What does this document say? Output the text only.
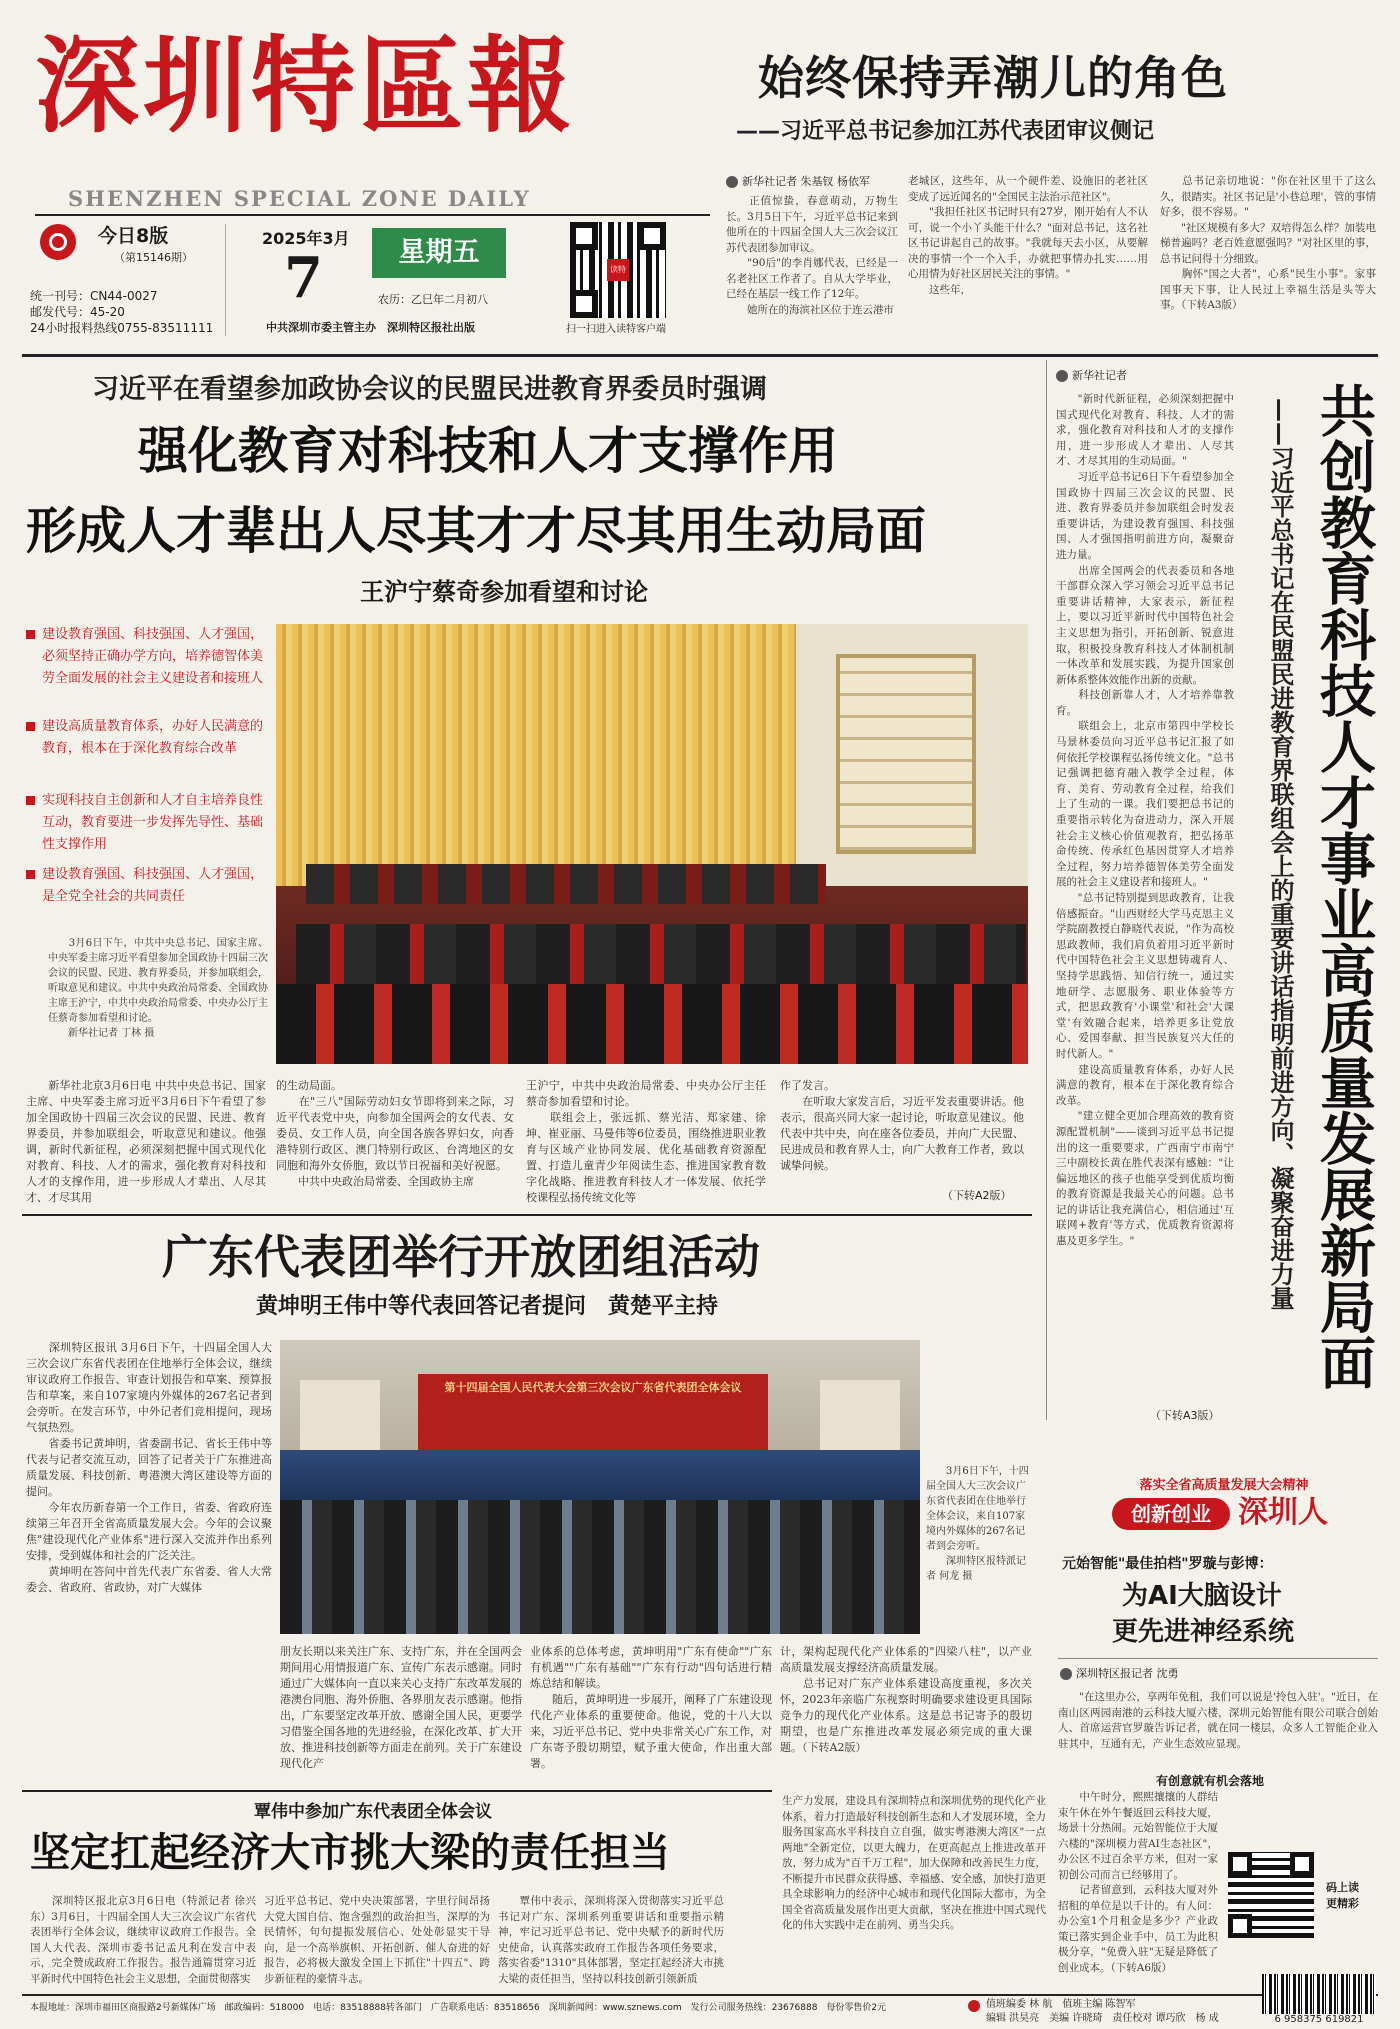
深圳特區報
SHENZHEN SPECIAL ZONE DAILY
今日8版
（第15146期）
统一刊号：CN44-0027
邮发代号：45-20
24小时报料热线0755-83511111
2025年3月
7	星期五
农历：乙巳年二月初八
中共深圳市委主管主办　深圳特区报社出版
读特
扫一扫进入读特客户端
始终保持弄潮儿的角色
——习近平总书记参加江苏代表团审议侧记
新华社记者 朱基钗 杨依军
　　正值惊蛰，春意萌动，万物生长。3月5日下午，习近平总书记来到他所在的十四届全国人大三次会议江苏代表团参加审议。
　　"90后"的李肖娜代表，已经是一名老社区工作者了。自从大学毕业，已经在基层一线工作了12年。
　　她所在的海滨社区位于连云港市
老城区，这些年，从一个硬件差、设施旧的老社区变成了远近闻名的"全国民主法治示范社区"。
　　"我担任社区书记时只有27岁，刚开始有人不认可，说一个小丫头能干什么？"面对总书记，这名社区书记讲起自己的故事。"我就每天去小区，从要解决的事情一个一个入手，办就把事情办扎实……用心用情为好社区居民关注的事情。"
　　这些年，
　　总书记亲切地说："你在社区里干了这么久，很踏实。社区书记是'小巷总理'，管的事情好多，很不容易。"
　　"社区规模有多大？双培得怎么样？加装电梯普遍吗？老百姓意愿强吗？"对社区里的事，总书记问得十分细致。
　　胸怀"国之大者"，心系"民生小事"。家事国事天下事，让人民过上幸福生活是头等大事。（下转A3版）
习近平在看望参加政协会议的民盟民进教育界委员时强调
强化教育对科技和人才支撑作用
形成人才辈出人尽其才才尽其用生动局面
王沪宁蔡奇参加看望和讨论
建设教育强国、科技强国、人才强国，必须坚持正确办学方向，培养德智体美劳全面发展的社会主义建设者和接班人
建设高质量教育体系，办好人民满意的教育，根本在于深化教育综合改革
实现科技自主创新和人才自主培养良性互动，教育要进一步发挥先导性、基础性支撑作用
建设教育强国、科技强国、人才强国，是全党全社会的共同责任
　　3月6日下午，中共中央总书记、国家主席、中央军委主席习近平看望参加全国政协十四届三次会议的民盟、民进、教育界委员，并参加联组会，听取意见和建议。中共中央政治局常委、全国政协主席王沪宁，中共中央政治局常委、中央办公厅主任蔡奇参加看望和讨论。
　　新华社记者 丁林 摄
　　新华社北京3月6日电 中共中央总书记、国家主席、中央军委主席习近平3月6日下午看望了参加全国政协十四届三次会议的民盟、民进、教育界委员，并参加联组会，听取意见和建议。他强调，新时代新征程，必须深刻把握中国式现代化对教育、科技、人才的需求，强化教育对科技和人才的支撑作用，进一步形成人才辈出、人尽其才、才尽其用
的生动局面。
　　在"三八"国际劳动妇女节即将到来之际，习近平代表党中央，向参加全国两会的女代表、女委员、女工作人员，向全国各族各界妇女，向香港特别行政区、澳门特别行政区、台湾地区的女同胞和海外女侨胞，致以节日祝福和美好祝愿。
　　中共中央政治局常委、全国政协主席
王沪宁，中共中央政治局常委、中央办公厅主任蔡奇参加看望和讨论。
　　联组会上，张远抓、蔡光洁、郑家建、徐坤、崔亚丽、马曼伟等6位委员，围绕推进职业教育与区域产业协同发展、优化基础教育资源配置、打造儿童青少年阅读生态、推进国家教育数字化战略、推进教育科技人才一体发展、依托学校课程弘扬传统文化等
作了发言。
　　在听取大家发言后，习近平发表重要讲话。他表示，很高兴同大家一起讨论，听取意见建议。他代表中共中央，向在座各位委员，并向广大民盟、民进成员和教育界人士，向广大教育工作者，致以诚挚问候。
（下转A2版）
新华社记者
　　"新时代新征程，必须深刻把握中国式现代化对教育、科技、人才的需求，强化教育对科技和人才的支撑作用，进一步形成人才辈出、人尽其才、才尽其用的生动局面。"
　　习近平总书记6日下午看望参加全国政协十四届三次会议的民盟、民进、教育界委员并参加联组会时发表重要讲话，为建设教育强国、科技强国、人才强国指明前进方向，凝聚奋进力量。
　　出席全国两会的代表委员和各地干部群众深入学习领会习近平总书记重要讲话精神，大家表示，新征程上，要以习近平新时代中国特色社会主义思想为指引，开拓创新、锐意进取，积极投身教育科技人才体制机制一体改革和发展实践，为提升国家创新体系整体效能作出新的贡献。
　　科技创新靠人才，人才培养靠教育。
　　联组会上，北京市第四中学校长马景林委员向习近平总书记汇报了如何依托学校课程弘扬传统文化。"总书记强调把德育融入教学全过程，体育、美育、劳动教育全过程，给我们上了生动的一课。我们要把总书记的重要指示转化为奋进动力，深入开展社会主义核心价值观教育，把弘扬革命传统、传承红色基因贯穿人才培养全过程，努力培养德智体美劳全面发展的社会主义建设者和接班人。"
　　"总书记特别提到思政教育，让我倍感振奋。"山西财经大学马克思主义学院副教授白静晓代表说，"作为高校思政教师，我们肩负着用习近平新时代中国特色社会主义思想铸魂育人、坚持学思践悟、知信行统一，通过实地研学、志愿服务、职业体验等方式，把思政教育'小课堂'和社会'大课堂'有效融合起来，培养更多让党放心、爱国奉献、担当民族复兴大任的时代新人。"
　　建设高质量教育体系，办好人民满意的教育，根本在于深化教育综合改革。
　　"建立健全更加合理高效的教育资源配置机制"——谈到习近平总书记提出的这一重要要求，广西南宁市南宁三中副校长黄在胜代表深有感触："让偏远地区的孩子也能享受到优质均衡的教育资源是我最关心的问题。总书记的讲话让我充满信心，相信通过'互联网+教育'等方式，优质教育资源将惠及更多学生。"
（下转A3版）
共创教育科技人才事业高质量发展新局面
——习近平总书记在民盟民进教育界联组会上的重要讲话指明前进方向、凝聚奋进力量
广东代表团举行开放团组活动
黄坤明王伟中等代表回答记者提问　黄楚平主持
第十四届全国人民代表大会第三次会议广东省代表团全体会议
　　3月6日下午，十四届全国人大三次会议广东省代表团在住地举行全体会议，来自107家境内外媒体的267名记者到会旁听。
　　深圳特区报特派记者 何龙 摄
　　深圳特区报讯 3月6日下午，十四届全国人大三次会议广东省代表团在住地举行全体会议，继续审议政府工作报告、审查计划报告和草案、预算报告和草案，来自107家境内外媒体的267名记者到会旁听。在发言环节，中外记者们竞相提问，现场气氛热烈。
　　省委书记黄坤明，省委副书记、省长王伟中等代表与记者交流互动，回答了记者关于广东推进高质量发展、科技创新、粤港澳大湾区建设等方面的提问。
　　今年农历新春第一个工作日，省委、省政府连续第三年召开全省高质量发展大会。今年的会议聚焦"建设现代化产业体系"进行深入交流并作出系列安排，受到媒体和社会的广泛关注。
　　黄坤明在答问中首先代表广东省委、省人大常委会、省政府、省政协，对广大媒体
朋友长期以来关注广东、支持广东，并在全国两会期间用心用情报道广东、宣传广东表示感谢。同时通过广大媒体向一直以来关心支持广东改革发展的港澳台同胞、海外侨胞、各界朋友表示感谢。他指出，广东要坚定改革开放、感谢全国人民，更要学习借鉴全国各地的先进经验，在深化改革、扩大开放、推进科技创新等方面走在前列。关于广东建设现代化产
业体系的总体考虑，黄坤明用"广东有使命""广东有机遇""广东有基础""广东有行动"四句话进行精炼总结和解读。
　　随后，黄坤明进一步展开，阐释了广东建设现代化产业体系的重要使命。他说，党的十八大以来，习近平总书记、党中央非常关心广东工作，对广东寄予殷切期望，赋予重大使命，作出重大部署。
计，架构起现代化产业体系的"四梁八柱"，以产业高质量发展支撑经济高质量发展。
　　总书记对广东产业体系建设高度重视，多次关怀，2023年亲临广东视察时明确要求建设更具国际竞争力的现代化产业体系。这是总书记寄予的殷切期望，也是广东推进改革发展必须完成的重大课题。（下转A2版）
落实全省高质量发展大会精神
创新创业 深圳人
元始智能"最佳拍档"罗璇与彭博：
为AI大脑设计
更先进神经系统
深圳特区报记者 沈勇
　　"在这里办公，享两年免租，我们可以说是'拎包入驻'。"近日，在南山区两园南港的云科技大厦六楼，深圳元始智能有限公司联合创始人、首席运营官罗璇告诉记者，就在同一楼层，众多人工智能企业入驻其中，互通有无，产业生态效应显现。
有创意就有机会落地
　　中午时分，熙熙攘攘的人群结束午休在外午餐返回云科技大厦，场景十分热闹。元始智能位于大厦六楼的"深圳模力营AI生态社区"，办公区不过百余平方米，但对一家初创公司而言已经够用了。
　　记者留意到，云科技大厦对外招租的单位是以千计的。有人问：办公室1个月租金是多少？产业政策已落实到企业手中，员工为此积极分享，"免费入驻"无疑是降低了创业成本。（下转A6版）
码上读
更精彩
覃伟中参加广东代表团全体会议
坚定扛起经济大市挑大梁的责任担当
　　深圳特区报北京3月6日电（特派记者 徐兴东）3月6日，十四届全国人大三次会议广东省代表团举行全体会议，继续审议政府工作报告。全国人大代表、深圳市委书记孟凡利在发言中表示，完全赞成政府工作报告。报告通篇贯穿习近平新时代中国特色社会主义思想，全面贯彻落实
习近平总书记、党中央决策部署，字里行间昂扬大党大国自信、饱含强烈的政治担当，深厚的为民情怀，句句提振发展信心、处处彰显实干导向，是一个高举旗帜、开拓创新、催人奋进的好报告，必将极大激发全国上下抓住"十四五"、跨步新征程的豪情斗志。
　　覃伟中表示，深圳将深入贯彻落实习近平总书记对广东、深圳系列重要讲话和重要指示精神，牢记习近平总书记、党中央赋予的新时代历史使命，认真落实政府工作报告各项任务要求，落实省委"1310"具体部署，坚定扛起经济大市挑大梁的责任担当，坚持以科技创新引领新质
生产力发展，建设具有深圳特点和深圳优势的现代化产业体系，着力打造最好科技创新生态和人才发展环境，全力服务国家高水平科技自立自强，做实粤港澳大湾区"一点两地"全新定位，以更大魄力，在更高起点上推进改革开放，努力成为"百千万工程"，加大保障和改善民生力度，不断提升市民群众获得感、幸福感、安全感，加快打造更具全球影响力的经济中心城市和现代化国际大都市，为全国全省高质量发展作出更大贡献，坚决在推进中国式现代化的伟大实践中走在前列、勇当尖兵。
本报地址：深圳市福田区商报路2号新媒体广场　邮政编码：518000　电话：83518888转各部门　广告联系电话：83518656　深圳新闻网：www.sznews.com　发行公司服务热线：23676888　每份零售价2元	值班编委 林 航　值班主编 陈智军
编辑 洪昊亮　美编 许晓琦　责任校对 谭巧欣　杨 成	6 958375 619821
